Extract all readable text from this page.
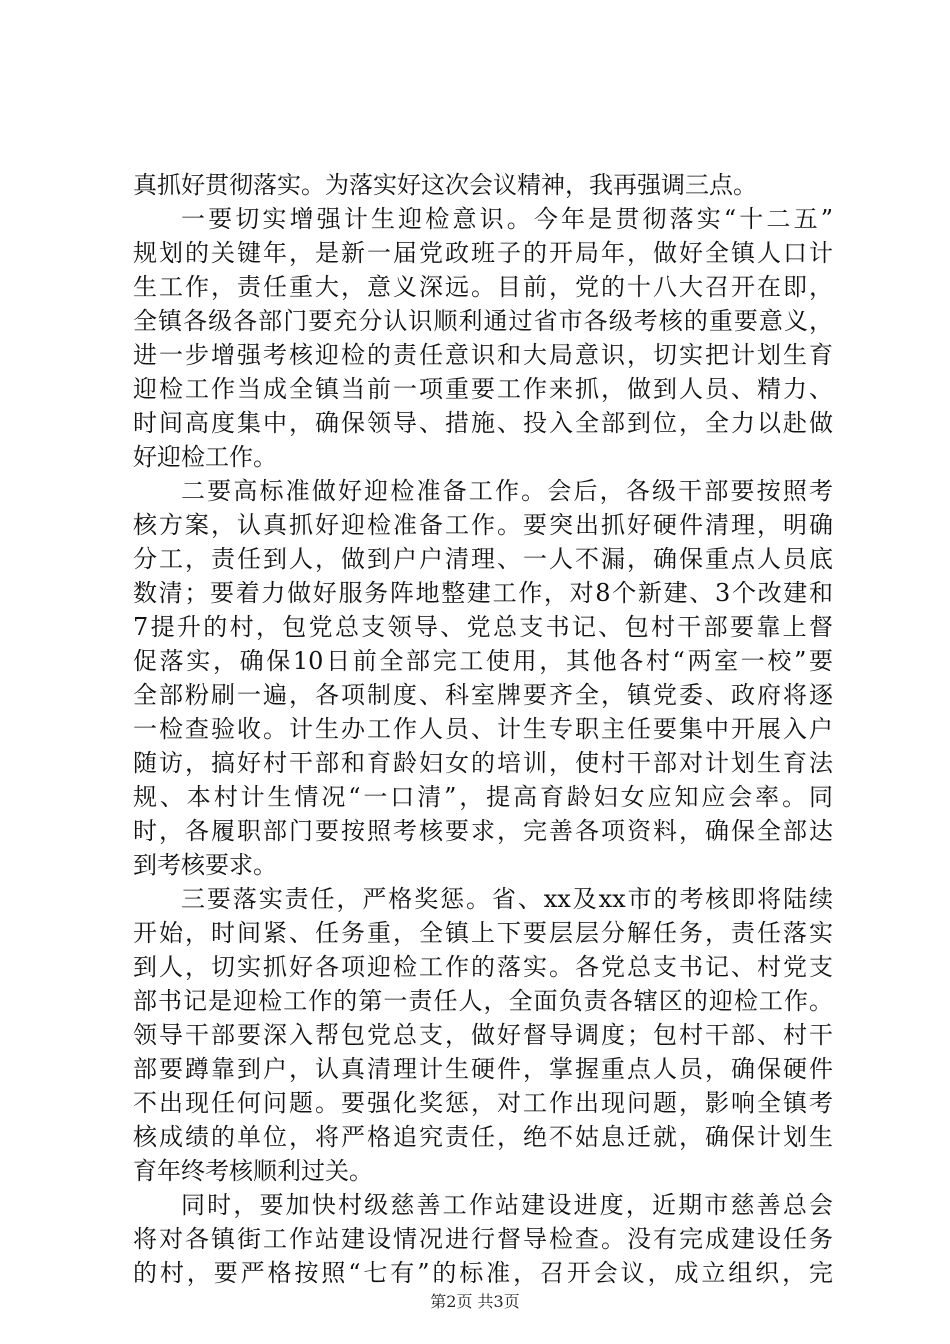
真抓好贯彻落实。为落实好这次会议精神，我再强调三点。
一要切实增强计生迎检意识。今年是贯彻落实“十二五”
规划的关键年，是新一届党政班子的开局年，做好全镇人口计
生工作，责任重大，意义深远。目前，党的十八大召开在即，
全镇各级各部门要充分认识顺利通过省市各级考核的重要意义，
进一步增强考核迎检的责任意识和大局意识，切实把计划生育
迎检工作当成全镇当前一项重要工作来抓，做到人员、精力、
时间高度集中，确保领导、措施、投入全部到位，全力以赴做
好迎检工作。
二要高标准做好迎检准备工作。会后，各级干部要按照考
核方案，认真抓好迎检准备工作。要突出抓好硬件清理，明确
分工，责任到人，做到户户清理、一人不漏，确保重点人员底
数清；要着力做好服务阵地整建工作，对8个新建、3个改建和
7提升的村，包党总支领导、党总支书记、包村干部要靠上督
促落实，确保10日前全部完工使用，其他各村“两室一校”要
全部粉刷一遍，各项制度、科室牌要齐全，镇党委、政府将逐
一检查验收。计生办工作人员、计生专职主任要集中开展入户
随访，搞好村干部和育龄妇女的培训，使村干部对计划生育法
规、本村计生情况“一口清”，提高育龄妇女应知应会率。同
时，各履职部门要按照考核要求，完善各项资料，确保全部达
到考核要求。
三要落实责任，严格奖惩。省、xx及xx市的考核即将陆续
开始，时间紧、任务重，全镇上下要层层分解任务，责任落实
到人，切实抓好各项迎检工作的落实。各党总支书记、村党支
部书记是迎检工作的第一责任人，全面负责各辖区的迎检工作。
领导干部要深入帮包党总支，做好督导调度；包村干部、村干
部要蹲靠到户，认真清理计生硬件，掌握重点人员，确保硬件
不出现任何问题。要强化奖惩，对工作出现问题，影响全镇考
核成绩的单位，将严格追究责任，绝不姑息迁就，确保计划生
育年终考核顺利过关。
同时，要加快村级慈善工作站建设进度，近期市慈善总会
将对各镇街工作站建设情况进行督导检查。没有完成建设任务
的村，要严格按照“七有”的标准，召开会议，成立组织，完
第2页 共3页
